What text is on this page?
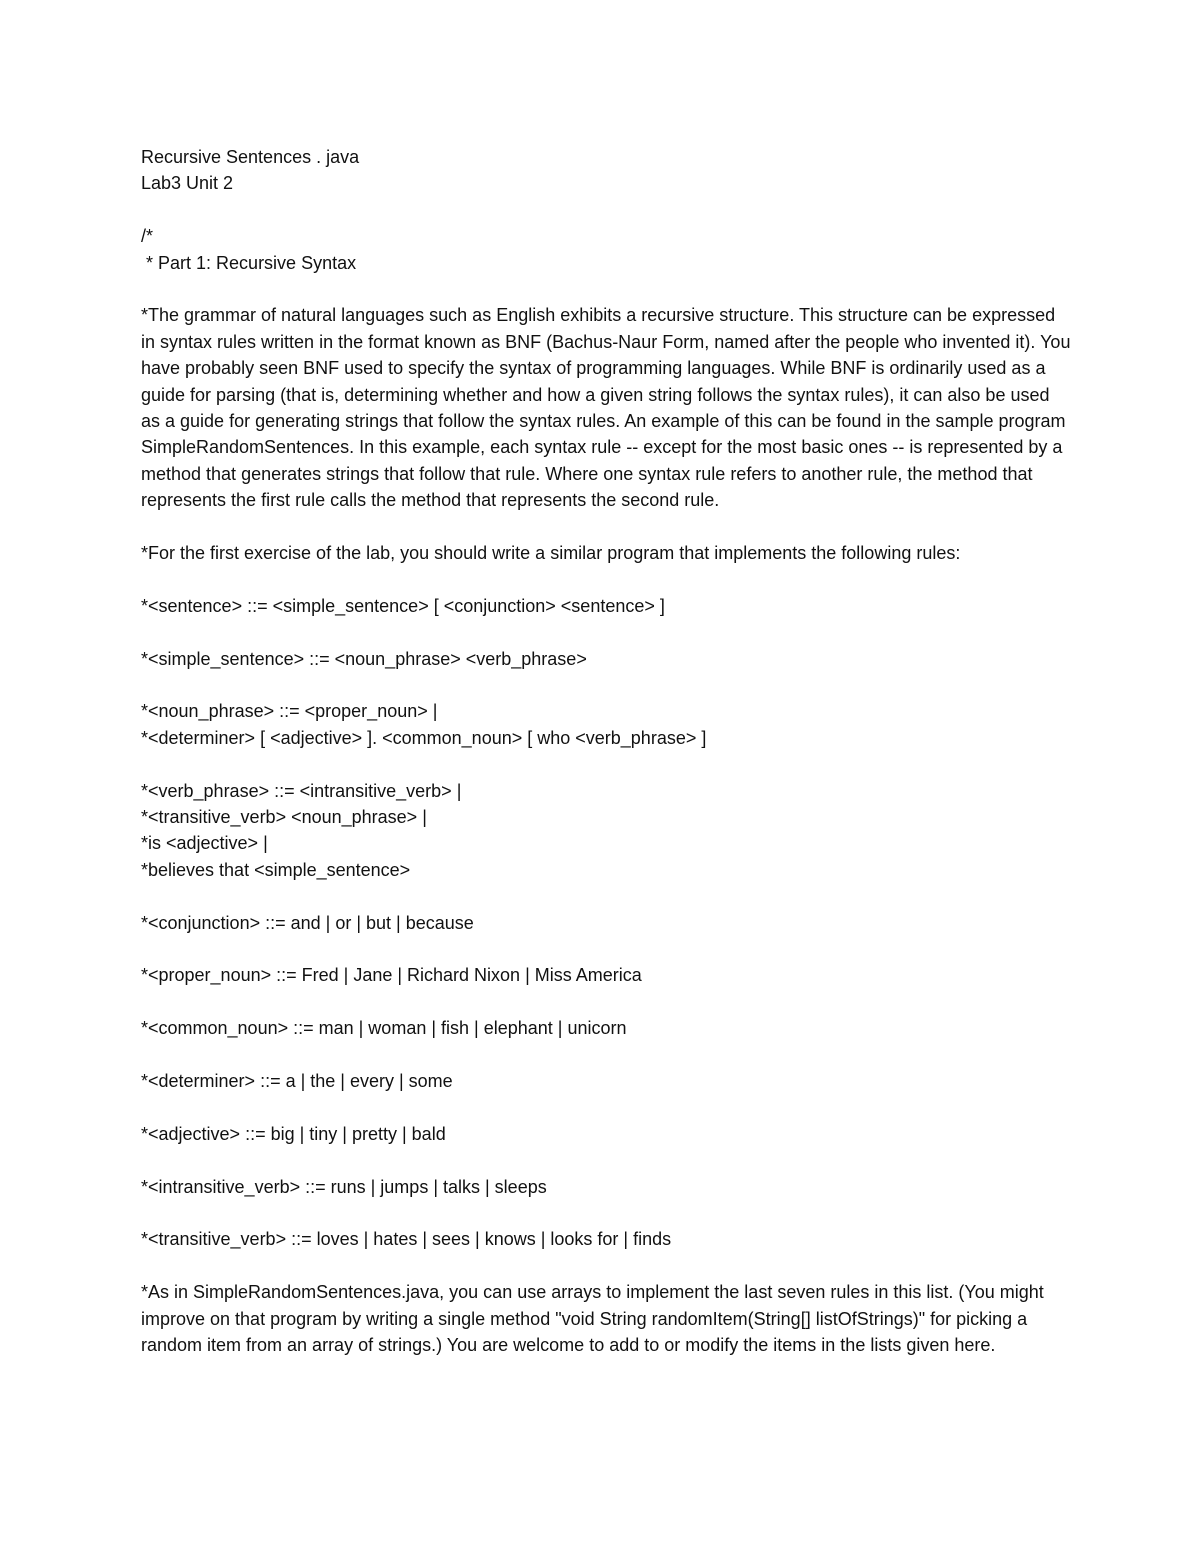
Recursive Sentences . java
Lab3 Unit 2
/*
* Part 1: Recursive Syntax

*The grammar of natural languages such as English exhibits a recursive structure. This structure can be expressed in syntax rules written in the format known as BNF (Bachus-Naur Form, named after the people who invented it). You have probably seen BNF used to specify the syntax of programming languages. While BNF is ordinarily used as a guide for parsing (that is, determining whether and how a given string follows the syntax rules), it can also be used as a guide for generating strings that follow the syntax rules. An example of this can be found in the sample program SimpleRandomSentences. In this example, each syntax rule -- except for the most basic ones -- is represented by a method that generates strings that follow that rule. Where one syntax rule refers to another rule, the method that represents the first rule calls the method that represents the second rule.

*For the first exercise of the lab, you should write a similar program that implements the following rules:

*<sentence> ::= <simple_sentence> [ <conjunction> <sentence> ]
*<simple_sentence> ::= <noun_phrase> <verb_phrase>
*<noun_phrase> ::= <proper_noun> |
*<determiner> [ <adjective> ]. <common_noun> [ who <verb_phrase> ]
*<verb_phrase> ::= <intransitive_verb> |
*<transitive_verb> <noun_phrase> |
*is <adjective> |
*believes that <simple_sentence>
*<conjunction> ::= and | or | but | because
*<proper_noun> ::= Fred | Jane | Richard Nixon | Miss America
*<common_noun> ::= man | woman | fish | elephant | unicorn
*<determiner> ::= a | the | every | some
*<adjective> ::= big | tiny | pretty | bald
*<intransitive_verb> ::= runs | jumps | talks | sleeps
*<transitive_verb> ::= loves | hates | sees | knows | looks for | finds

*As in SimpleRandomSentences.java, you can use arrays to implement the last seven rules in this list. (You might improve on that program by writing a single method "void String randomItem(String[] listOfStrings)" for picking a random item from an array of strings.) You are welcome to add to or modify the items in the lists given here.
